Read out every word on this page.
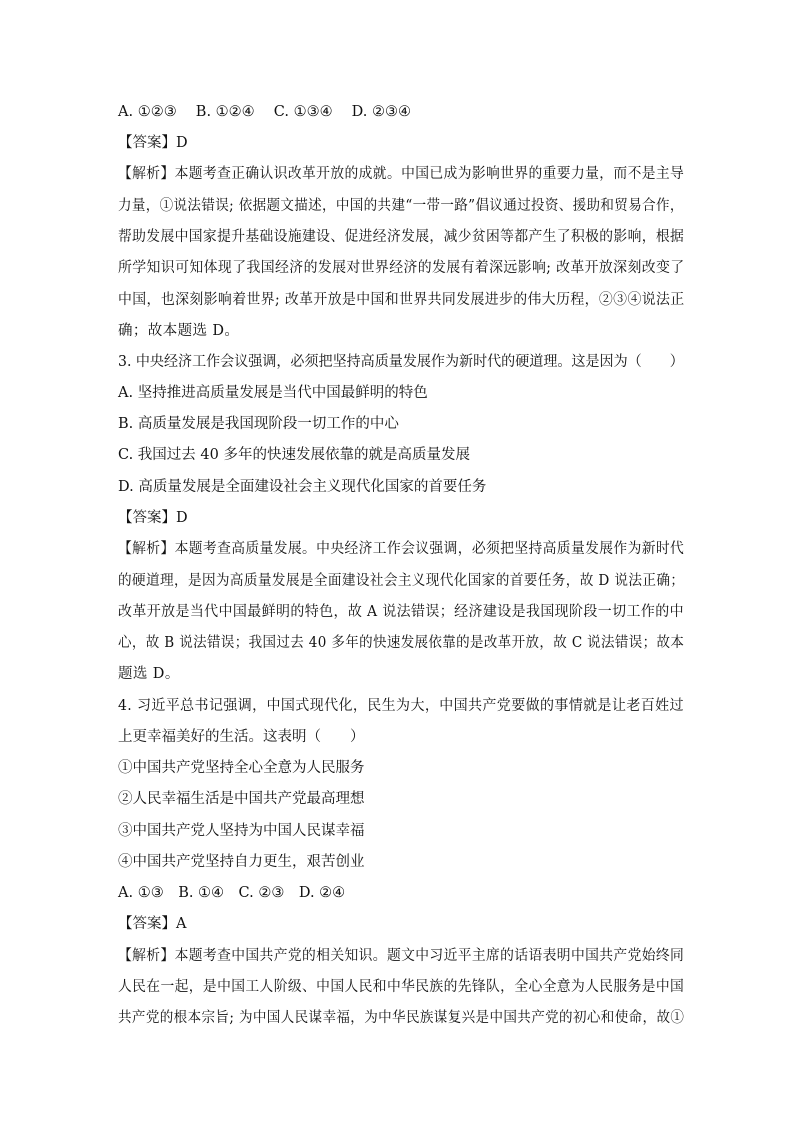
A. ①②③　 B. ①②④　 C. ①③④　 D. ②③④
【答案】D
【解析】本题考查正确认识改革开放的成就。中国已成为影响世界的重要力量，而不是主导
力量，①说法错误; 依据题文描述，中国的共建“一带一路”倡议通过投资、援助和贸易合作，
帮助发展中国家提升基础设施建设、促进经济发展，减少贫困等都产生了积极的影响，根据
所学知识可知体现了我国经济的发展对世界经济的发展有着深远影响; 改革开放深刻改变了
中国，也深刻影响着世界; 改革开放是中国和世界共同发展进步的伟大历程，②③④说法正
确；故本题选 D。
3. 中央经济工作会议强调，必须把坚持高质量发展作为新时代的硬道理。这是因为（　　）
A. 坚持推进高质量发展是当代中国最鲜明的特色
B. 高质量发展是我国现阶段一切工作的中心
C. 我国过去 40 多年的快速发展依靠的就是高质量发展
D. 高质量发展是全面建设社会主义现代化国家的首要任务
【答案】D
【解析】本题考查高质量发展。中央经济工作会议强调，必须把坚持高质量发展作为新时代
的硬道理，是因为高质量发展是全面建设社会主义现代化国家的首要任务，故 D 说法正确；
改革开放是当代中国最鲜明的特色，故 A 说法错误；经济建设是我国现阶段一切工作的中
心，故 B 说法错误；我国过去 40 多年的快速发展依靠的是改革开放，故 C 说法错误；故本
题选 D。
4. 习近平总书记强调，中国式现代化，民生为大，中国共产党要做的事情就是让老百姓过
上更幸福美好的生活。这表明（　　）
①中国共产党坚持全心全意为人民服务
②人民幸福生活是中国共产党最高理想
③中国共产党人坚持为中国人民谋幸福
④中国共产党坚持自力更生，艰苦创业
A. ①③　B. ①④　C. ②③　D. ②④
【答案】A
【解析】本题考查中国共产党的相关知识。题文中习近平主席的话语表明中国共产党始终同
人民在一起，是中国工人阶级、中国人民和中华民族的先锋队，全心全意为人民服务是中国
共产党的根本宗旨; 为中国人民谋幸福，为中华民族谋复兴是中国共产党的初心和使命，故①
